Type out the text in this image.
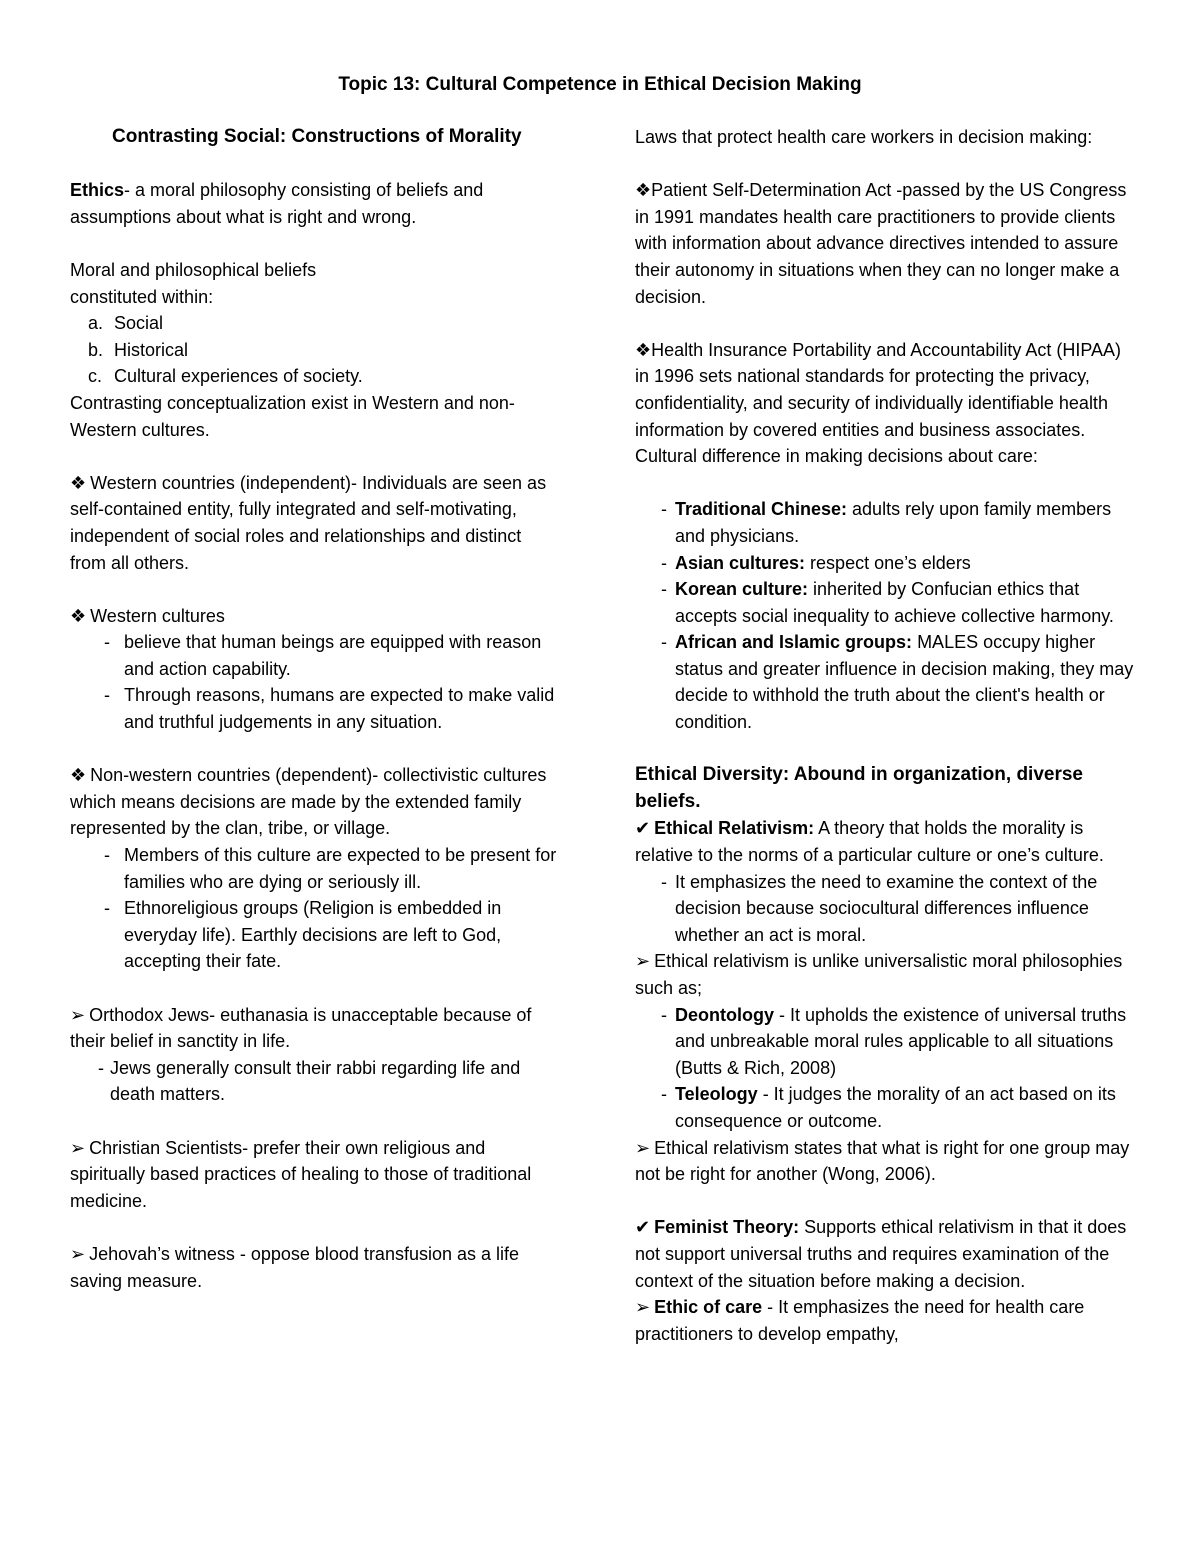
Topic 13: Cultural Competence in Ethical Decision Making

Contrasting Social: Constructions of Morality

Ethics- a moral philosophy consisting of beliefs and assumptions about what is right and wrong.

Moral and philosophical beliefs

constituted within:

a. Social
b. Historical
c. Cultural experiences of society.

Contrasting conceptualization exist in Western and non-Western cultures.

❖ Western countries (independent)- Individuals are seen as self-contained entity, fully integrated and self-motivating, independent of social roles and relationships and distinct from all others.

❖ Western cultures

- believe that human beings are equipped with reason and action capability.
- Through reasons, humans are expected to make valid and truthful judgements in any situation.

❖ Non-western countries (dependent)- collectivistic cultures which means decisions are made by the extended family represented by the clan, tribe, or village.

- Members of this culture are expected to be present for families who are dying or seriously ill.
- Ethnoreligious groups (Religion is embedded in everyday life). Earthly decisions are left to God, accepting their fate.

➢ Orthodox Jews- euthanasia is unacceptable because of their belief in sanctity in life.

- Jews generally consult their rabbi regarding life and death matters.

➢ Christian Scientists- prefer their own religious and spiritually based practices of healing to those of traditional medicine.

➢ Jehovah’s witness - oppose blood transfusion as a life saving measure.

Laws that protect health care workers in decision making:

❖Patient Self-Determination Act -passed by the US Congress in 1991 mandates health care practitioners to provide clients with information about advance directives intended to assure their autonomy in situations when they can no longer make a decision.

❖Health Insurance Portability and Accountability Act (HIPAA) in 1996 sets national standards for protecting the privacy, confidentiality, and security of individually identifiable health information by covered entities and business associates.

Cultural difference in making decisions about care:

- Traditional Chinese: adults rely upon family members and physicians.
- Asian cultures: respect one’s elders
- Korean culture: inherited by Confucian ethics that accepts social inequality to achieve collective harmony.
- African and Islamic groups: MALES occupy higher status and greater influence in decision making, they may decide to withhold the truth about the client's health or condition.

Ethical Diversity: Abound in organization, diverse beliefs.

✔ Ethical Relativism: A theory that holds the morality is relative to the norms of a particular culture or one’s culture.

- It emphasizes the need to examine the context of the decision because sociocultural differences influence whether an act is moral.

➢ Ethical relativism is unlike universalistic moral philosophies such as;

- Deontology - It upholds the existence of universal truths and unbreakable moral rules applicable to all situations (Butts & Rich, 2008)
- Teleology - It judges the morality of an act based on its consequence or outcome.

➢ Ethical relativism states that what is right for one group may not be right for another (Wong, 2006).

✔ Feminist Theory: Supports ethical relativism in that it does not support universal truths and requires examination of the context of the situation before making a decision.

➢ Ethic of care - It emphasizes the need for health care practitioners to develop empathy,
